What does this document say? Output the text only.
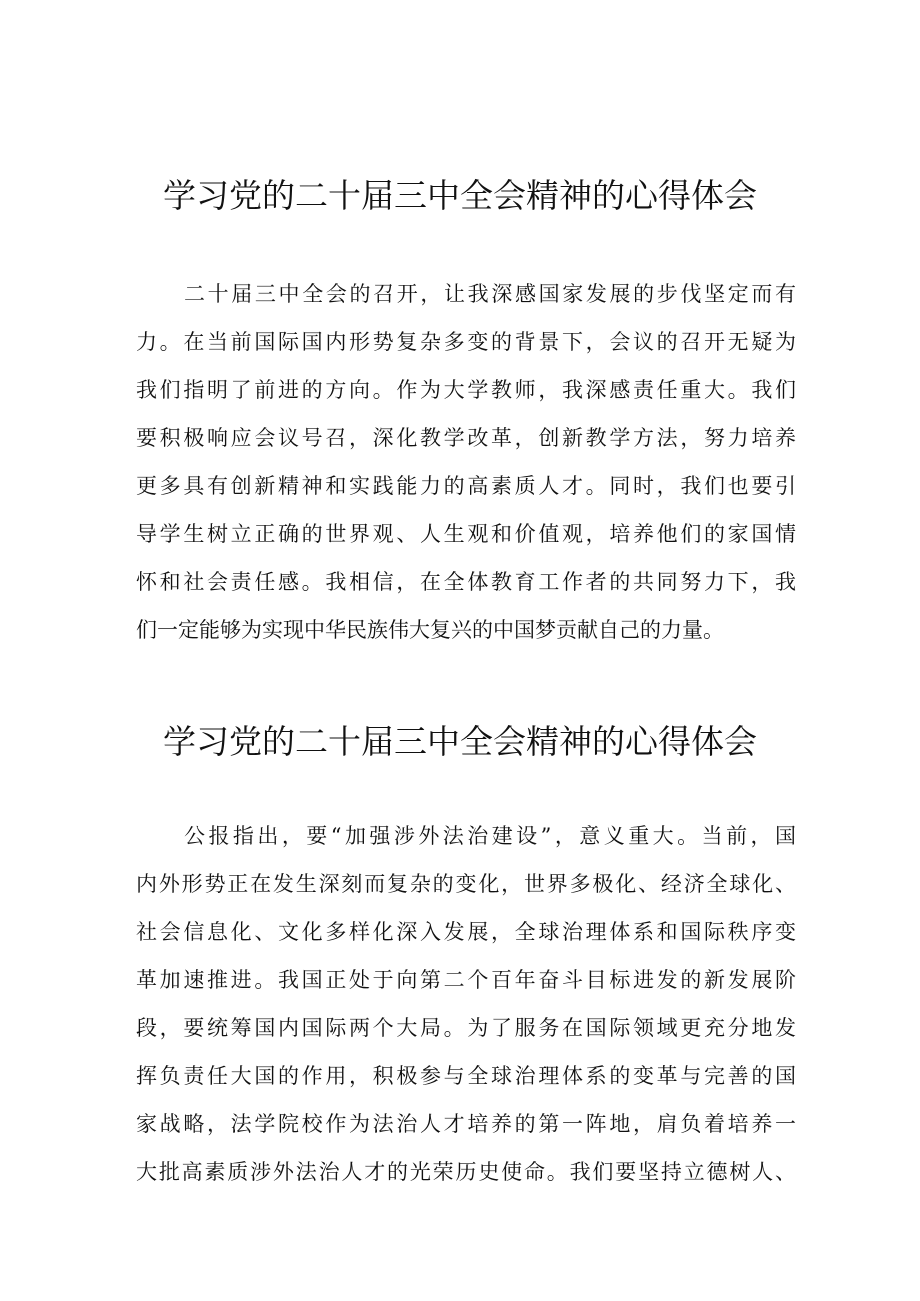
学习党的二十届三中全会精神的心得体会
二十届三中全会的召开，让我深感国家发展的步伐坚定而有
力。在当前国际国内形势复杂多变的背景下，会议的召开无疑为
我们指明了前进的方向。作为大学教师，我深感责任重大。我们
要积极响应会议号召，深化教学改革，创新教学方法，努力培养
更多具有创新精神和实践能力的高素质人才。同时，我们也要引
导学生树立正确的世界观、人生观和价值观，培养他们的家国情
怀和社会责任感。我相信，在全体教育工作者的共同努力下，我
们一定能够为实现中华民族伟大复兴的中国梦贡献自己的力量。
学习党的二十届三中全会精神的心得体会
公报指出，要“加强涉外法治建设”，意义重大。当前，国
内外形势正在发生深刻而复杂的变化，世界多极化、经济全球化、
社会信息化、文化多样化深入发展，全球治理体系和国际秩序变
革加速推进。我国正处于向第二个百年奋斗目标进发的新发展阶
段，要统筹国内国际两个大局。为了服务在国际领域更充分地发
挥负责任大国的作用，积极参与全球治理体系的变革与完善的国
家战略，法学院校作为法治人才培养的第一阵地，肩负着培养一
大批高素质涉外法治人才的光荣历史使命。我们要坚持立德树人、
